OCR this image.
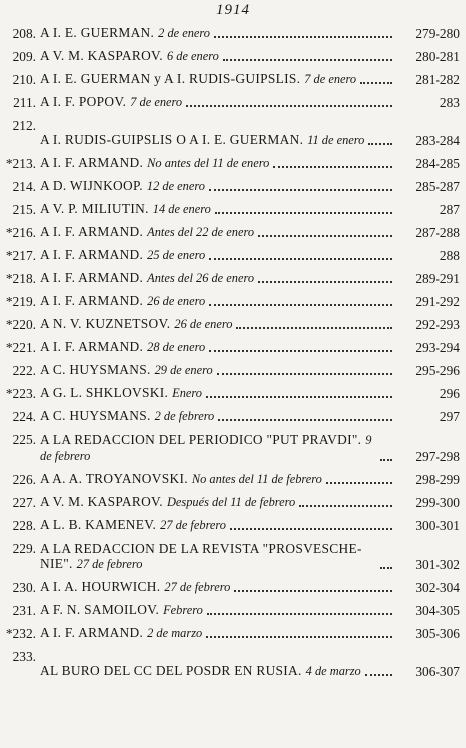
1914
208. A I. E. GUERMAN. 2 de enero	279-280
209. A V. M. KASPAROV. 6 de enero	280-281
210. A I. E. GUERMAN y A I. RUDIS-GUIPSLIS. 7 de enero	281-282
211. A I. F. POPOV. 7 de enero	283
212.
A I. RUDIS-GUIPSLIS O A I. E. GUERMAN. 11 de enero	283-284
*213. A I. F. ARMAND. No antes del 11 de enero	284-285
214. A D. WIJNKOOP. 12 de enero	285-287
215. A V. P. MILIUTIN. 14 de enero	287
*216. A I. F. ARMAND. Antes del 22 de enero	287-288
*217. A I. F. ARMAND. 25 de enero	288
*218. A I. F. ARMAND. Antes del 26 de enero	289-291
*219. A I. F. ARMAND. 26 de enero	291-292
*220. A N. V. KUZNETSOV. 26 de enero	292-293
*221. A I. F. ARMAND. 28 de enero	293-294
222. A C. HUYSMANS. 29 de enero	295-296
*223. A G. L. SHKLOVSKI. Enero	296
224. A C. HUYSMANS. 2 de febrero	297
225. A LA REDACCION DEL PERIODICO "PUT PRAVDI". 9 de febrero	297-298
226. A A. A. TROYANOVSKI. No antes del 11 de febrero	298-299
227. A V. M. KASPAROV. Después del 11 de febrero	299-300
228. A L. B. KAMENEV. 27 de febrero	300-301
229. A LA REDACCION DE LA REVISTA "PROSVESCHE-NIE". 27 de febrero	301-302
230. A I. A. HOURWICH. 27 de febrero	302-304
231. A F. N. SAMOILOV. Febrero	304-305
*232. A I. F. ARMAND. 2 de marzo	305-306
233.
AL BURO DEL CC DEL POSDR EN RUSIA. 4 de marzo	306-307
